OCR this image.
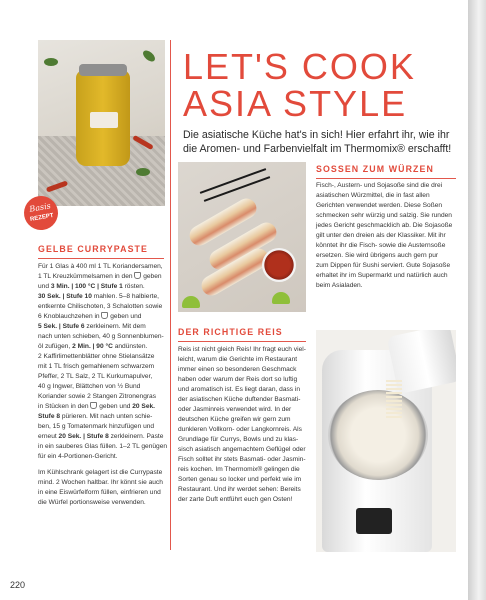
Basis
REZEPT
LET'S COOK
ASIA STYLE

Die asiatische Küche hat's in sich! Hier erfahrt ihr, wie ihr die Aromen- und Farbenvielfalt im Thermomix® erschafft!

GELBE CURRYPASTE
Für 1 Glas à 400 ml 1 TL Koriandersamen,
1 TL Kreuzkümmelsamen in den  geben
und 3 Min. | 100 °C | Stufe 1 rösten.
30 Sek. | Stufe 10 mahlen. 5–8 halbierte,
entkernte Chilischoten, 3 Schalotten sowie
6 Knoblauchzehen in  geben und
5 Sek. | Stufe 6 zerkleinern. Mit dem
nach unten schieben, 40 g Sonnenblumen-
öl zufügen, 2 Min. | 90 °C andünsten.
2 Kaffirlimettenblätter ohne Stielansätze
mit 1 TL frisch gemahlenem schwarzem
Pfeffer, 2 TL Salz, 2 TL Kurkumapulver,
40 g Ingwer, Blättchen von ½ Bund
Koriander sowie 2 Stangen Zitronengras
in Stücken in den  geben und 20 Sek.
Stufe 8 pürieren. Mit nach unten schie-
ben, 15 g Tomatenmark hinzufügen und
erneut 20 Sek. | Stufe 8 zerkleinern. Paste
in ein sauberes Glas füllen. 1–2 TL genügen
für ein 4-Portionen-Gericht.
Im Kühlschrank gelagert ist die Currypaste
mind. 2 Wochen haltbar. Ihr könnt sie auch
in eine Eiswürfelform füllen, einfrieren und
die Würfel portionsweise verwenden.
SOSSEN ZUM WÜRZEN
Fisch-, Austern- und Sojasoße sind die drei
asiatischen Würzmittel, die in fast allen
Gerichten verwendet werden. Diese Soßen
schmecken sehr würzig und salzig. Sie runden
jedes Gericht geschmacklich ab. Die Sojasoße
gilt unter den dreien als der Klassiker. Mit ihr
könntet ihr die Fisch- sowie die Austernsoße
ersetzen. Sie wird übrigens auch gern pur
zum Dippen für Sushi serviert. Gute Sojasoße
erhaltet ihr im Supermarkt und natürlich auch
beim Asialaden.
DER RICHTIGE REIS
Reis ist nicht gleich Reis! Ihr fragt euch viel-
leicht, warum die Gerichte im Restaurant
immer einen so besonderen Geschmack
haben oder warum der Reis dort so luftig
und aromatisch ist. Es liegt daran, dass in
der asiatischen Küche duftender Basmati-
oder Jasminreis verwendet wird. In der
deutschen Küche greifen wir gern zum
dunkleren Vollkorn- oder Langkornreis. Als
Grundlage für Currys, Bowls und zu klas-
sisch asiatisch angemachtem Geflügel oder
Fisch solltet ihr stets Basmati- oder Jasmin-
reis kochen. Im Thermomix® gelingen die
Sorten genau so locker und perfekt wie im
Restaurant. Und ihr werdet sehen: Bereits
der zarte Duft entführt euch gen Osten!
220
